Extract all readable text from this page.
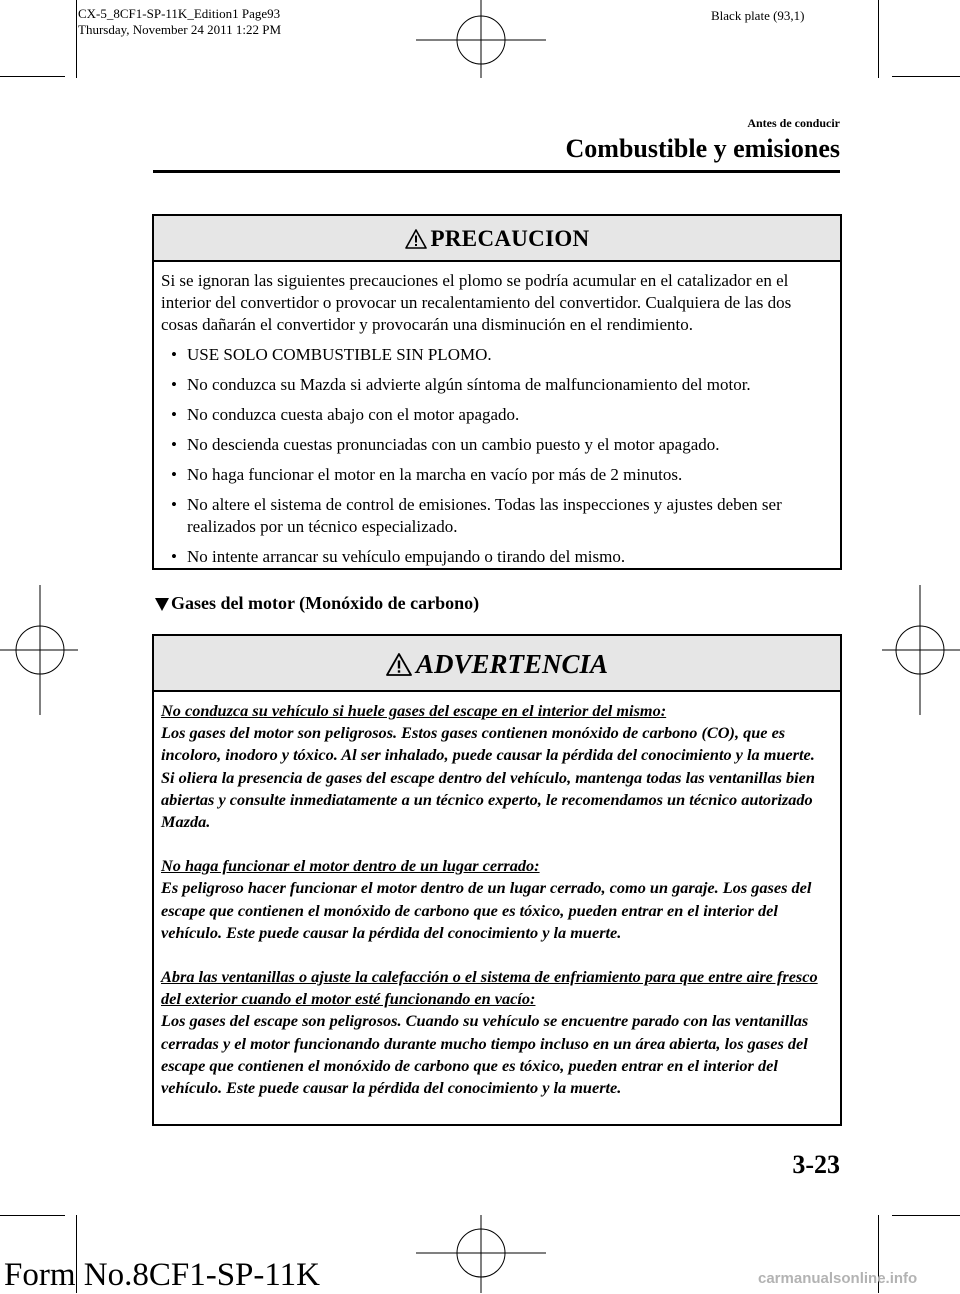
CX-5_8CF1-SP-11K_Edition1 Page93
Thursday, November 24 2011 1:22 PM
Black plate (93,1)
Antes de conducir
Combustible y emisiones
PRECAUCION

Si se ignoran las siguientes precauciones el plomo se podría acumular en el catalizador en el interior del convertidor o provocar un recalentamiento del convertidor. Cualquiera de las dos cosas dañarán el convertidor y provocarán una disminución en el rendimiento.

• USE SOLO COMBUSTIBLE SIN PLOMO.
• No conduzca su Mazda si advierte algún síntoma de malfuncionamiento del motor.
• No conduzca cuesta abajo con el motor apagado.
• No descienda cuestas pronunciadas con un cambio puesto y el motor apagado.
• No haga funcionar el motor en la marcha en vacío por más de 2 minutos.
• No altere el sistema de control de emisiones. Todas las inspecciones y ajustes deben ser realizados por un técnico especializado.
• No intente arrancar su vehículo empujando o tirando del mismo.
Gases del motor (Monóxido de carbono)
ADVERTENCIA

No conduzca su vehículo si huele gases del escape en el interior del mismo:
Los gases del motor son peligrosos. Estos gases contienen monóxido de carbono (CO), que es incoloro, inodoro y tóxico. Al ser inhalado, puede causar la pérdida del conocimiento y la muerte. Si oliera la presencia de gases del escape dentro del vehículo, mantenga todas las ventanillas bien abiertas y consulte inmediatamente a un técnico experto, le recomendamos un técnico autorizado Mazda.

No haga funcionar el motor dentro de un lugar cerrado:
Es peligroso hacer funcionar el motor dentro de un lugar cerrado, como un garaje. Los gases del escape que contienen el monóxido de carbono que es tóxico, pueden entrar en el interior del vehículo. Este puede causar la pérdida del conocimiento y la muerte.

Abra las ventanillas o ajuste la calefacción o el sistema de enfriamiento para que entre aire fresco del exterior cuando el motor esté funcionando en vacío:
Los gases del escape son peligrosos. Cuando su vehículo se encuentre parado con las ventanillas cerradas y el motor funcionando durante mucho tiempo incluso en un área abierta, los gases del escape que contienen el monóxido de carbono que es tóxico, pueden entrar en el interior del vehículo. Este puede causar la pérdida del conocimiento y la muerte.

3-23
Form No.8CF1-SP-11K	carmanualsonline.info
